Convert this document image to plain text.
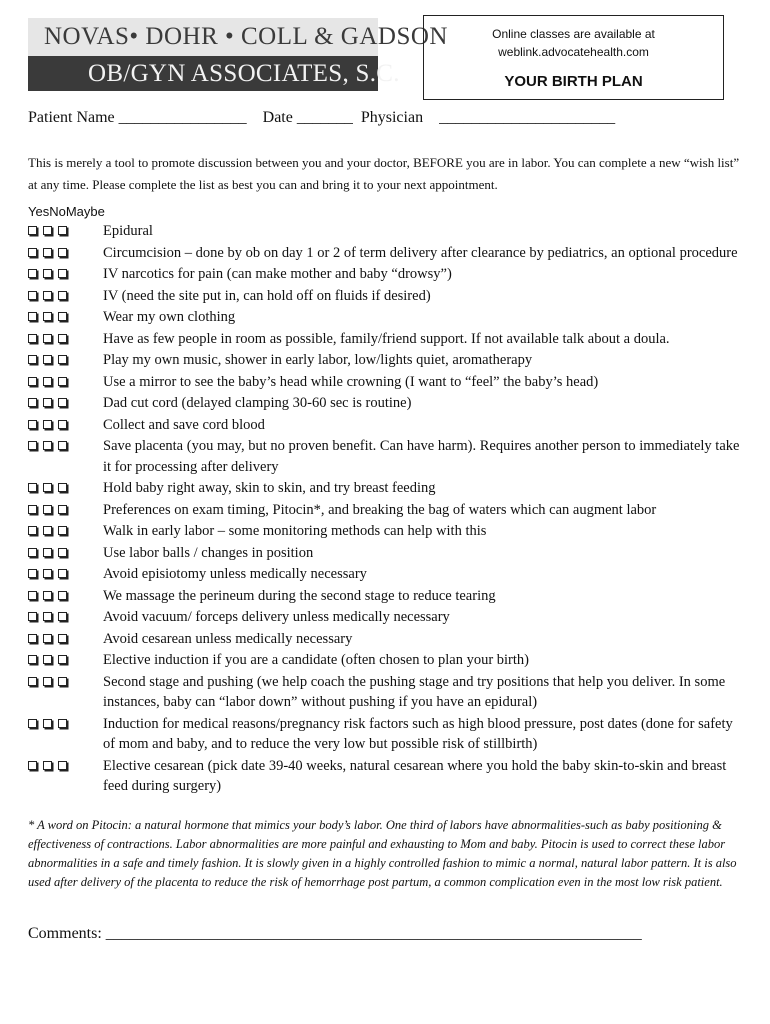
NOVAS• DOHR • COLL & GADSON
OB/GYN ASSOCIATES, S.C.
Online classes are available at
weblink.advocatehealth.com
YOUR BIRTH PLAN
Patient Name ________________    Date _______  Physician    ______________________
This is merely a tool to promote discussion between you and your doctor, BEFORE you are in labor. You can complete a new “wish list” at any time. Please complete the list as best you can and bring it to your next appointment.
YesNoMaybe
Epidural
Circumcision – done by ob on day 1 or 2 of term delivery after clearance by pediatrics, an optional procedure
IV narcotics for pain (can make mother and baby “drowsy”)
IV (need the site put in, can hold off on fluids if desired)
Wear my own clothing
Have as few people in room as possible, family/friend support. If not available talk about a doula.
Play my own music, shower in early labor, low/lights quiet, aromatherapy
Use a mirror to see the baby’s head while crowning (I want to “feel” the baby’s head)
Dad cut cord (delayed clamping 30-60 sec is routine)
Collect and save cord blood
Save placenta (you may, but no proven benefit. Can have harm). Requires another person to immediately take it for processing after delivery
Hold baby right away, skin to skin, and try breast feeding
Preferences on exam timing, Pitocin*, and breaking the bag of waters which can augment labor
Walk in early labor – some monitoring methods can help with this
Use labor balls / changes in position
Avoid episiotomy unless medically necessary
We massage the perineum during the second stage to reduce tearing
Avoid vacuum/ forceps delivery unless medically necessary
Avoid cesarean unless medically necessary
Elective induction if you are a candidate (often chosen to plan your birth)
Second stage and pushing (we help coach the pushing stage and try positions that help you deliver. In some instances, baby can “labor down” without pushing if you have an epidural)
Induction for medical reasons/pregnancy risk factors such as high blood pressure, post dates (done for safety of mom and baby, and to reduce the very low but possible risk of stillbirth)
Elective cesarean (pick date 39-40 weeks, natural cesarean where you hold the baby skin-to-skin and breast feed during surgery)
* A word on Pitocin: a natural hormone that mimics your body’s labor. One third of labors have abnormalities-such as baby positioning & effectiveness of contractions. Labor abnormalities are more painful and exhausting to Mom and baby. Pitocin is used to correct these labor abnormalities in a safe and timely fashion. It is slowly given in a highly controlled fashion to mimic a normal, natural labor pattern. It is also used after delivery of the placenta to reduce the risk of hemorrhage post partum, a common complication even in the most low risk patient.
Comments: ___________________________________________________________________
